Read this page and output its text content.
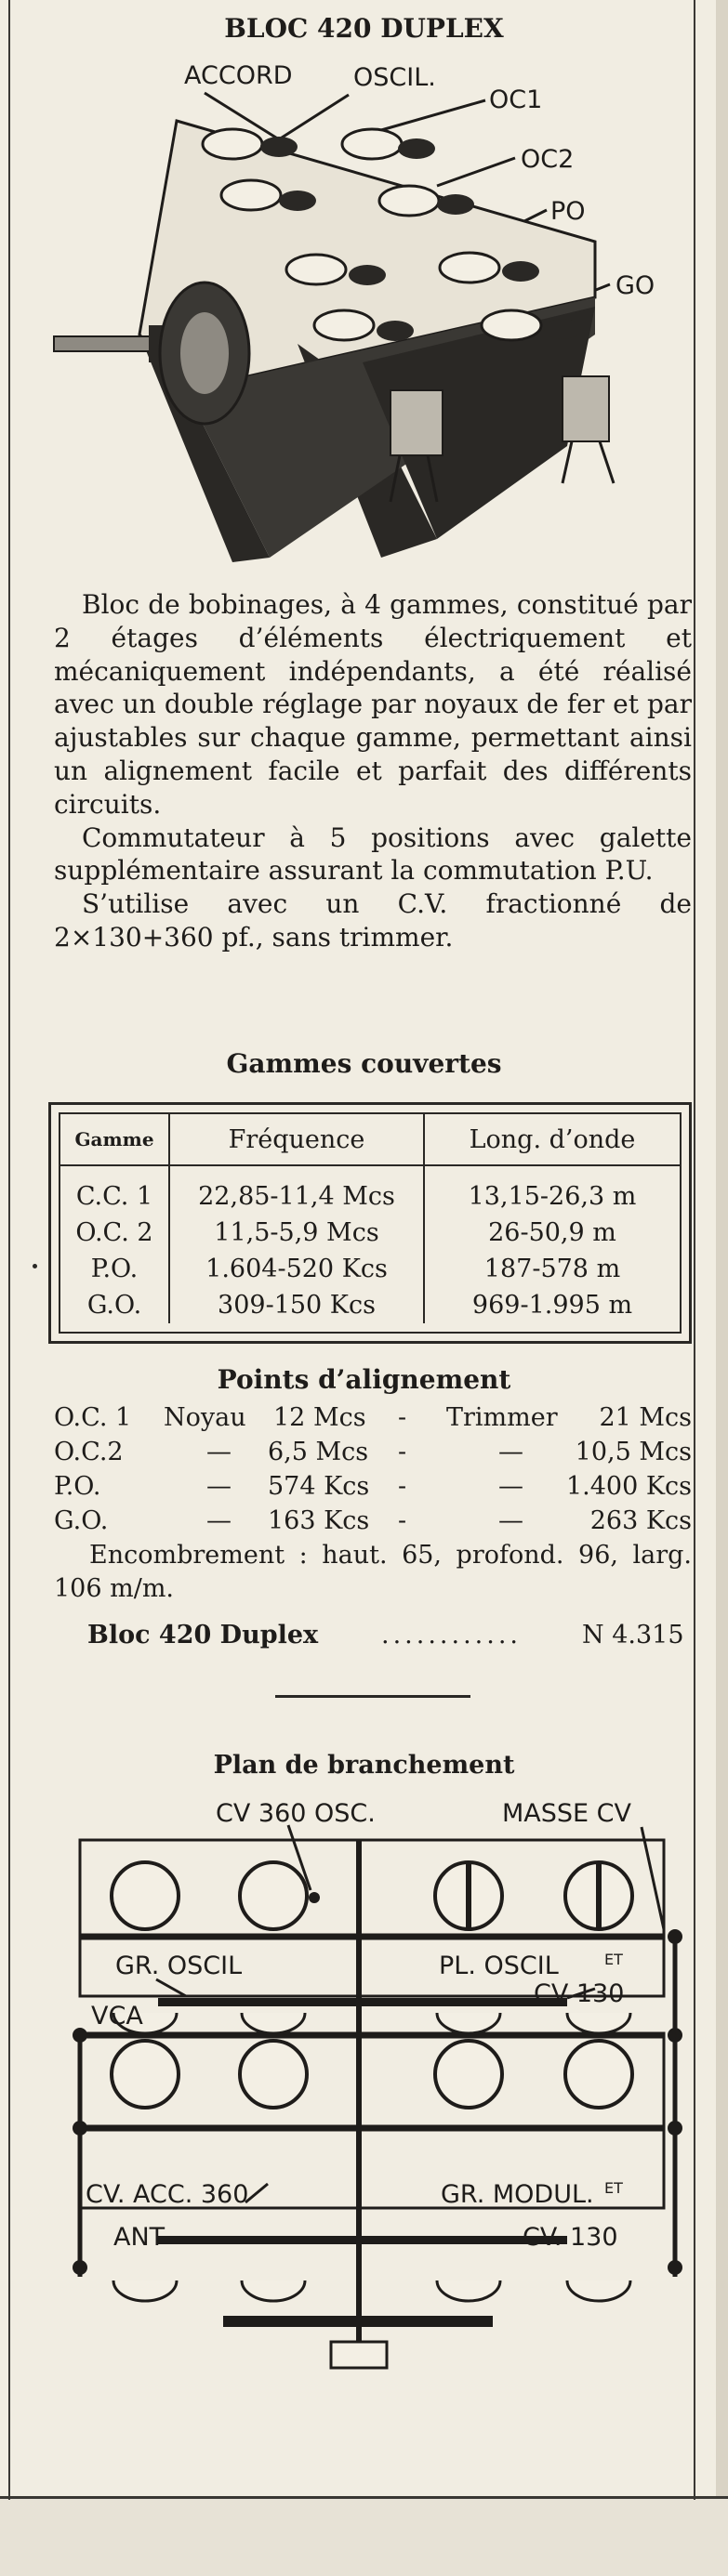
BLOC 420 DUPLEX
ACCORD OSCIL.
OC1
OC2
PO
GO

Bloc de bobinages, à 4 gammes, constitué par 2 étages d’éléments électriquement et mécaniquement indépendants, a été réalisé avec un double réglage par noyaux de fer et par ajustables sur chaque gamme, permettant ainsi un alignement facile et parfait des différents circuits.

Commutateur à 5 positions avec galette supplémentaire assurant la commutation P.U.

S’utilise avec un C.V. fractionné de 2×130+360 pf., sans trimmer.

Gammes couvertes
Gamme	Fréquence	Long. d’onde
C.C. 1	22,85-11,4 Mcs	13,15-26,3 m
O.C. 2	11,5-5,9 Mcs	26-50,9 m
P.O.	1.604-520 Kcs	187-578 m
G.O.	309-150 Kcs	969-1.995 m
Points d’alignement
O.C. 1 Noyau 12 Mcs - Trimmer 21 Mcs
O.C.2	— 6,5 Mcs -	— 10,5 Mcs
P.O.	— 574 Kcs -	— 1.400 Kcs
G.O.	— 163 Kcs -	—	263 Kcs

Encombrement : haut. 65, profond. 96, larg. 106 m/m.

Bloc 420 Duplex	............ N 4.315
Plan de branchement
CV 360 OSC.	MASSE CV
GR. OSCIL	PL. OSCIL	ET
CV 130
VCA
CV. ACC. 360	GR. MODUL. ET
ANT	CV. 130
